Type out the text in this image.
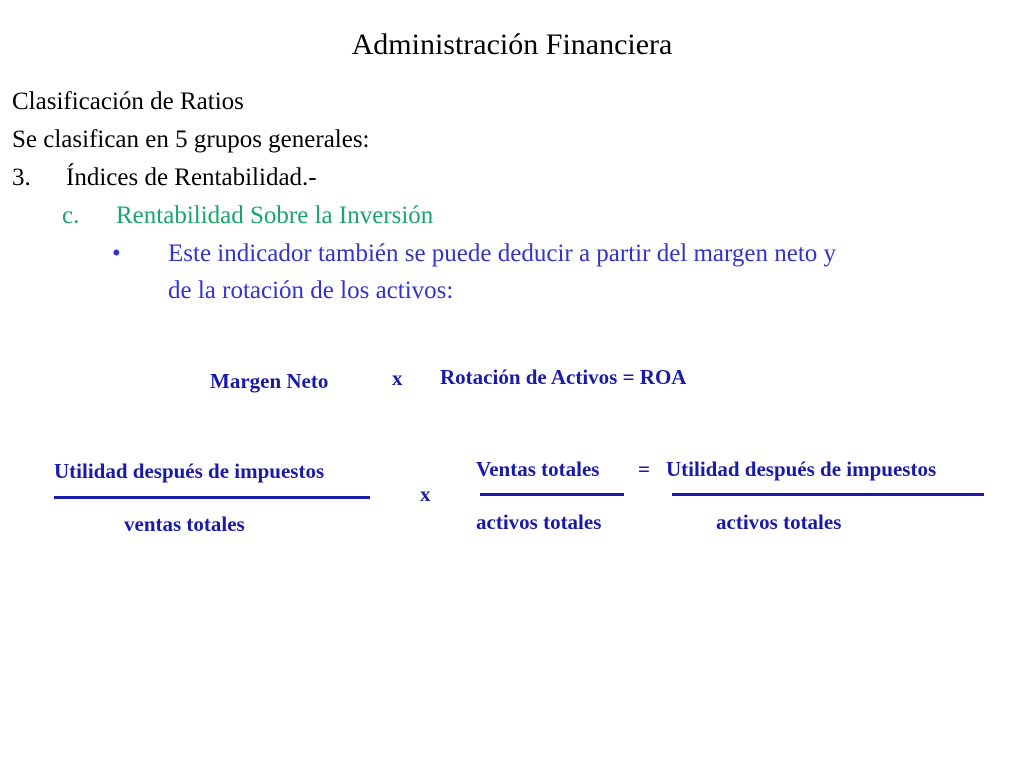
Administración Financiera
Clasificación de Ratios
Se clasifican en 5 grupos generales:
3. Índices de Rentabilidad.-
c. Rentabilidad Sobre la Inversión
• Este indicador también se puede deducir a partir del margen neto y
de la rotación de los activos:
Margen Neto	x Rotación de Activos = ROA
Utilidad después de impuestos
ventas totales
x
Ventas totales
activos totales
= Utilidad después de impuestos
activos totales
